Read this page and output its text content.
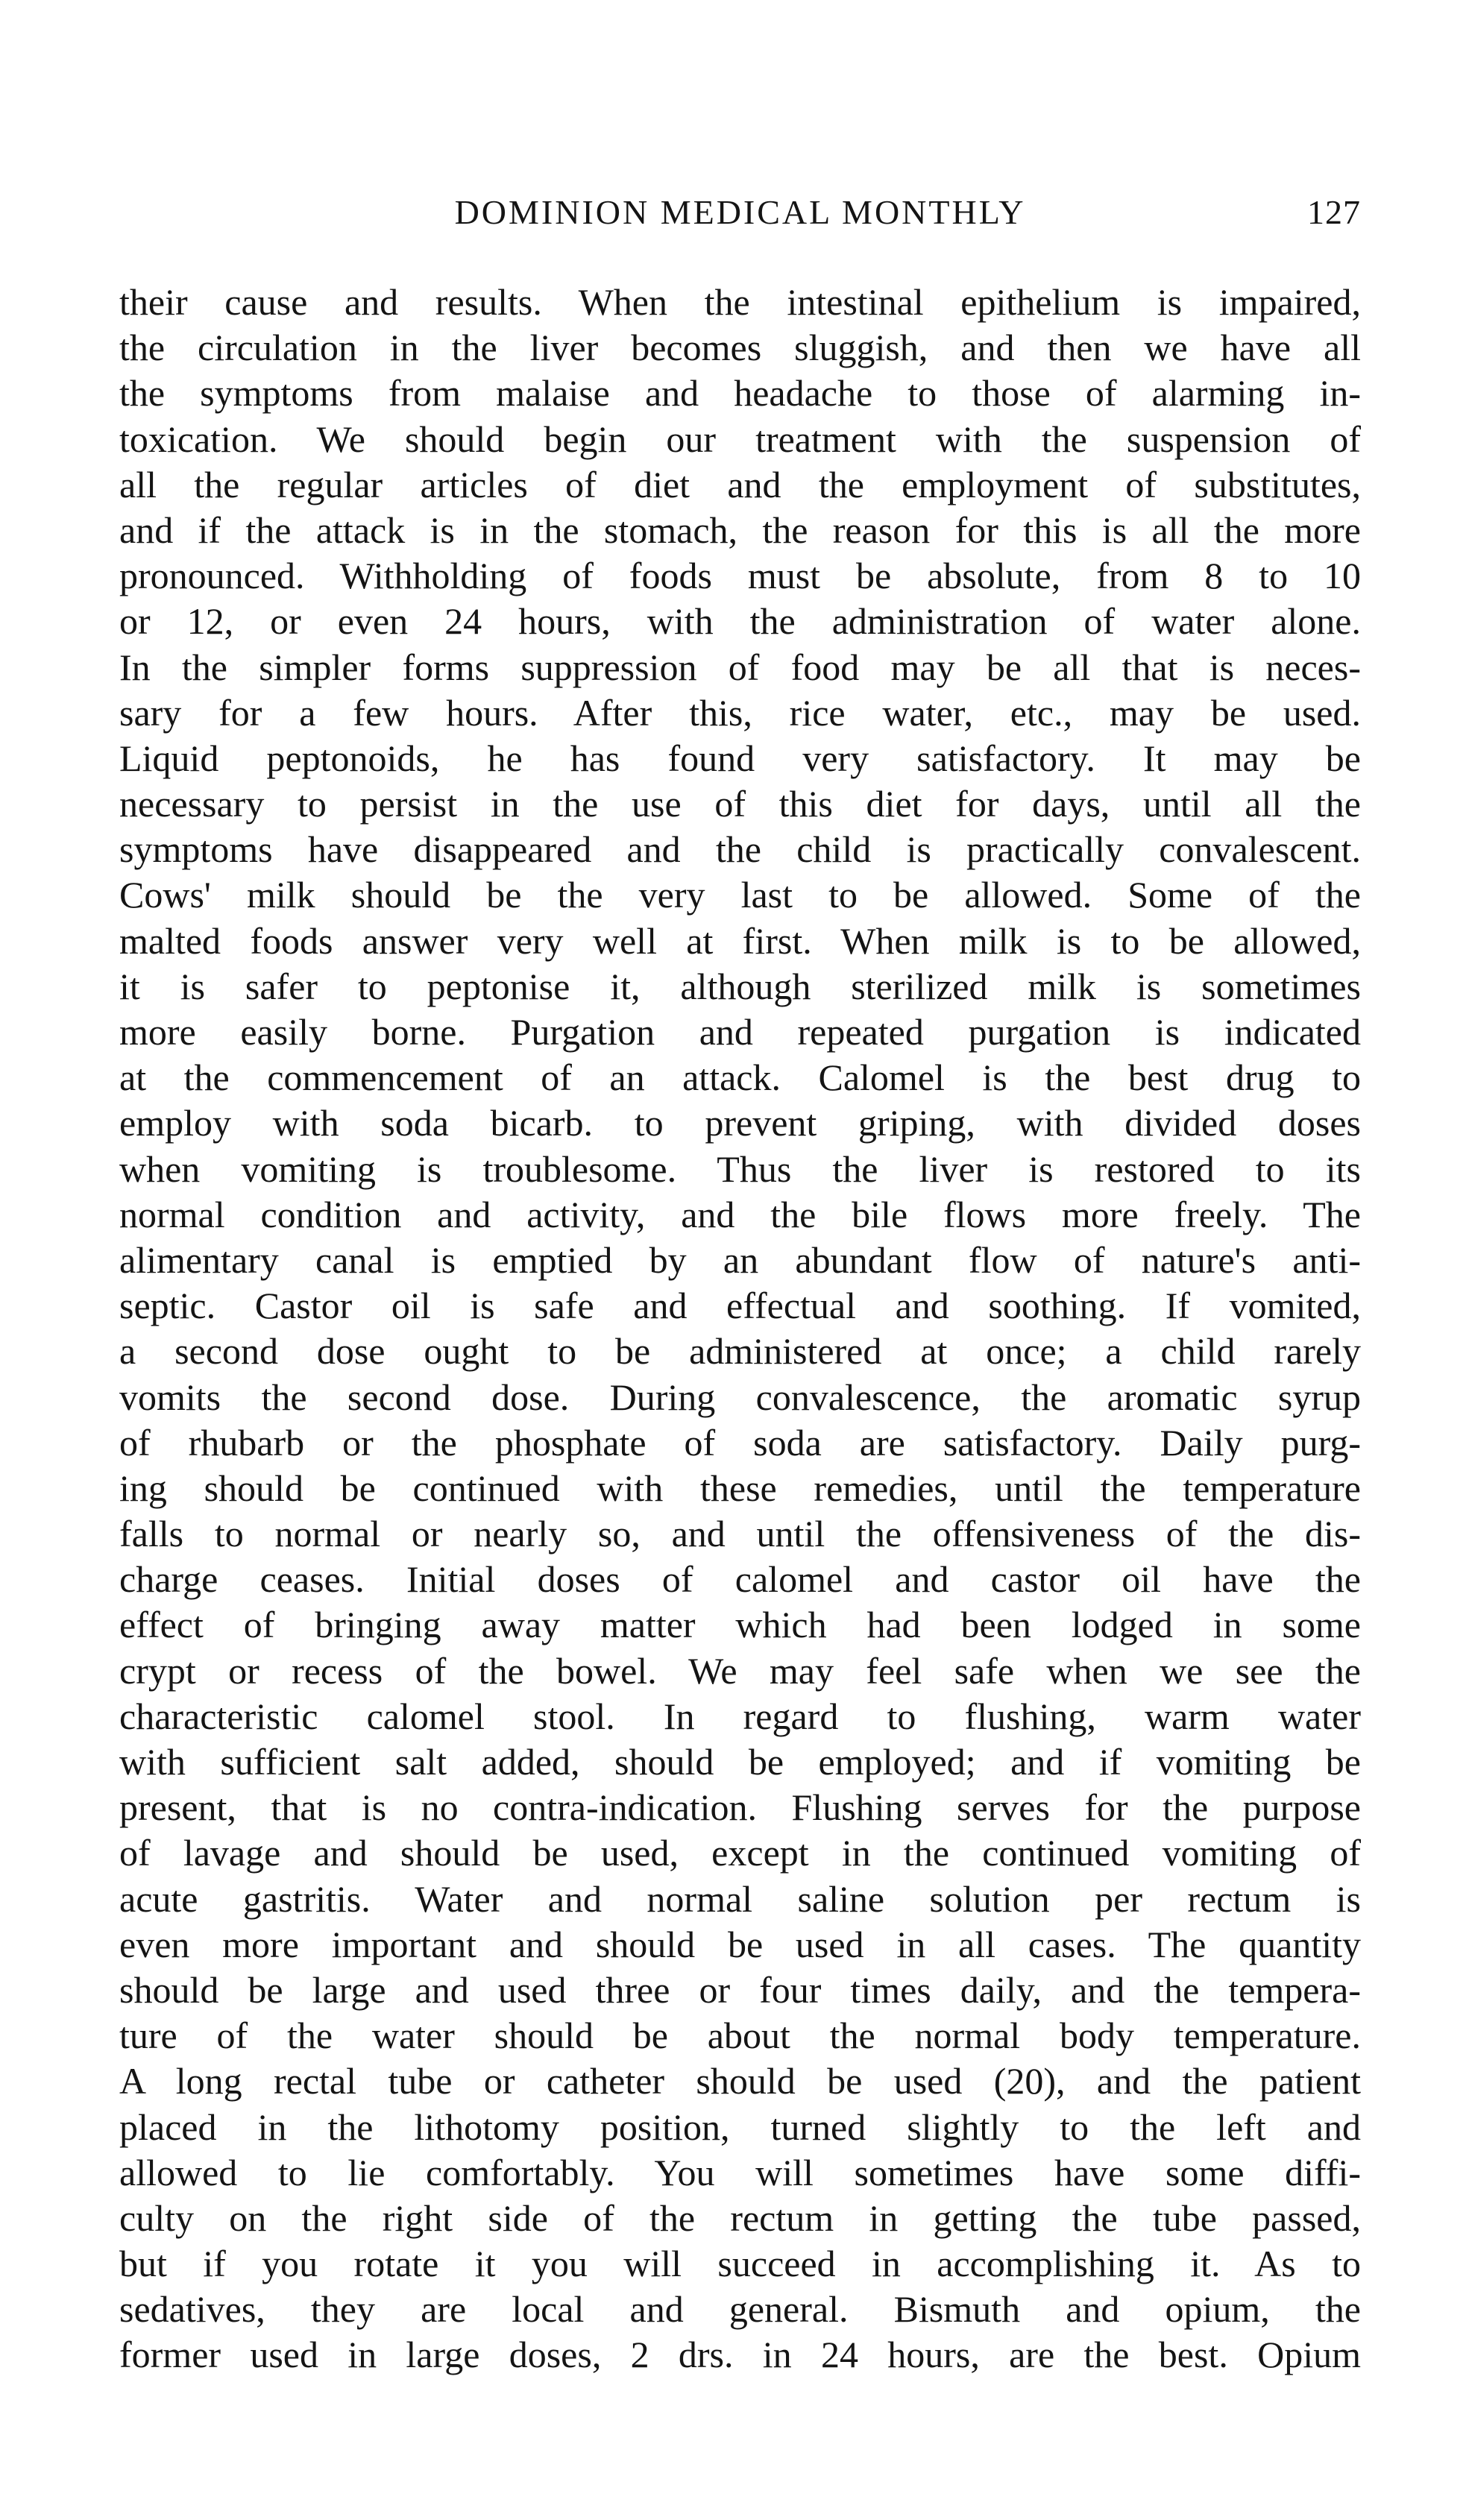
DOMINION MEDICAL MONTHLY	127
their cause and results. When the intestinal epithelium is impaired,
the circulation in the liver becomes sluggish, and then we have all
the symptoms from malaise and headache to those of alarming in-
toxication. We should begin our treatment with the suspension of
all the regular articles of diet and the employment of substitutes,
and if the attack is in the stomach, the reason for this is all the more
pronounced. Withholding of foods must be absolute, from 8 to 10
or 12, or even 24 hours, with the administration of water alone.
In the simpler forms suppression of food may be all that is neces-
sary for a few hours. After this, rice water, etc., may be used.
Liquid peptonoids, he has found very satisfactory. It may be
necessary to persist in the use of this diet for days, until all the
symptoms have disappeared and the child is practically convalescent.
Cows' milk should be the very last to be allowed. Some of the
malted foods answer very well at first. When milk is to be allowed,
it is safer to peptonise it, although sterilized milk is sometimes
more easily borne. Purgation and repeated purgation is indicated
at the commencement of an attack. Calomel is the best drug to
employ with soda bicarb. to prevent griping, with divided doses
when vomiting is troublesome. Thus the liver is restored to its
normal condition and activity, and the bile flows more freely. The
alimentary canal is emptied by an abundant flow of nature's anti-
septic. Castor oil is safe and effectual and soothing. If vomited,
a second dose ought to be administered at once; a child rarely
vomits the second dose. During convalescence, the aromatic syrup
of rhubarb or the phosphate of soda are satisfactory. Daily purg-
ing should be continued with these remedies, until the temperature
falls to normal or nearly so, and until the offensiveness of the dis-
charge ceases. Initial doses of calomel and castor oil have the
effect of bringing away matter which had been lodged in some
crypt or recess of the bowel. We may feel safe when we see the
characteristic calomel stool. In regard to flushing, warm water
with sufficient salt added, should be employed; and if vomiting be
present, that is no contra-indication. Flushing serves for the purpose
of lavage and should be used, except in the continued vomiting of
acute gastritis. Water and normal saline solution per rectum is
even more important and should be used in all cases. The quantity
should be large and used three or four times daily, and the tempera-
ture of the water should be about the normal body temperature.
A long rectal tube or catheter should be used (20), and the patient
placed in the lithotomy position, turned slightly to the left and
allowed to lie comfortably. You will sometimes have some diffi-
culty on the right side of the rectum in getting the tube passed,
but if you rotate it you will succeed in accomplishing it. As to
sedatives, they are local and general. Bismuth and opium, the
former used in large doses, 2 drs. in 24 hours, are the best. Opium
